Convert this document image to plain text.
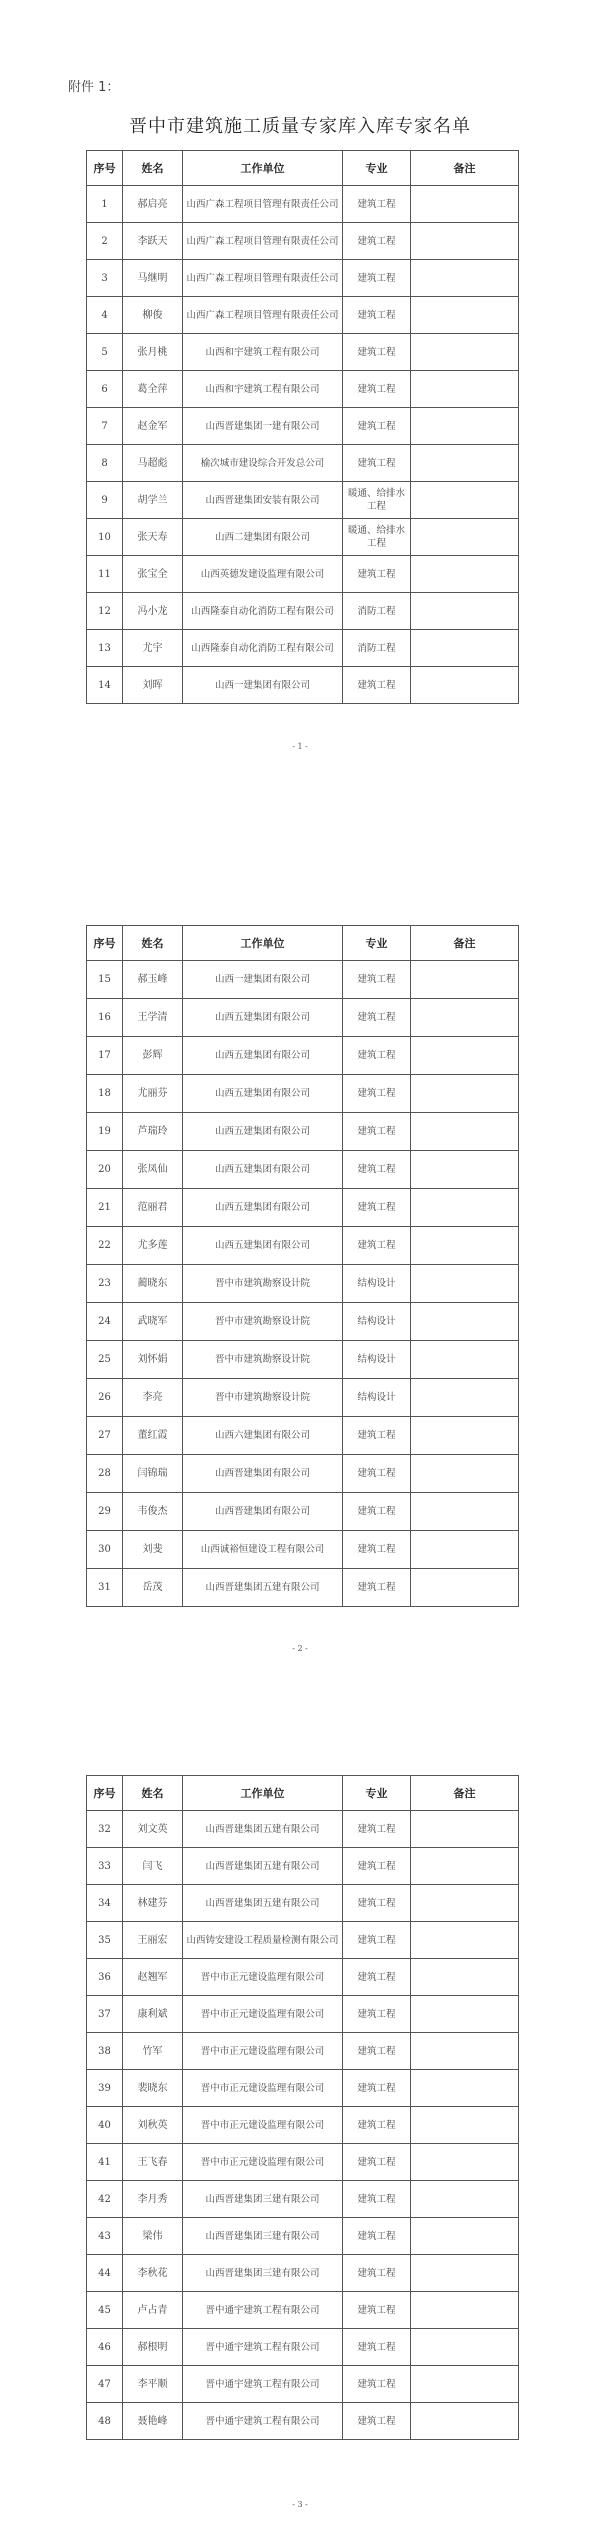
附件 1：
晋中市建筑施工质量专家库入库专家名单
序号	姓名	工作单位	专业	备注
1	郝启亮	山西广森工程项目管理有限责任公司	建筑工程	
2	李跃天	山西广森工程项目管理有限责任公司	建筑工程	
3	马继明	山西广森工程项目管理有限责任公司	建筑工程	
4	柳俊	山西广森工程项目管理有限责任公司	建筑工程	
5	张月桃	山西和宇建筑工程有限公司	建筑工程	
6	葛全萍	山西和宇建筑工程有限公司	建筑工程	
7	赵金军	山西晋建集团一建有限公司	建筑工程	
8	马超彪	榆次城市建设综合开发总公司	建筑工程	
9	胡学兰	山西晋建集团安装有限公司	暖通、给排水工程	
10	张天寿	山西二建集团有限公司	暖通、给排水工程	
11	张宝全	山西英德发建设监理有限公司	建筑工程	
12	冯小龙	山西隆泰自动化消防工程有限公司	消防工程	
13	尤宇	山西隆泰自动化消防工程有限公司	消防工程	
14	刘晖	山西一建集团有限公司	建筑工程	
- 1 -
序号	姓名	工作单位	专业	备注
15	郝玉峰	山西一建集团有限公司	建筑工程	
16	王学清	山西五建集团有限公司	建筑工程	
17	彭辉	山西五建集团有限公司	建筑工程	
18	尤丽芬	山西五建集团有限公司	建筑工程	
19	芦瑞玲	山西五建集团有限公司	建筑工程	
20	张凤仙	山西五建集团有限公司	建筑工程	
21	范丽君	山西五建集团有限公司	建筑工程	
22	尤多莲	山西五建集团有限公司	建筑工程	
23	蔺晓东	晋中市建筑勘察设计院	结构设计	
24	武晓军	晋中市建筑勘察设计院	结构设计	
25	刘怀娟	晋中市建筑勘察设计院	结构设计	
26	李亮	晋中市建筑勘察设计院	结构设计	
27	董红霞	山西六建集团有限公司	建筑工程	
28	闫锦瑞	山西晋建集团有限公司	建筑工程	
29	韦俊杰	山西晋建集团有限公司	建筑工程	
30	刘斐	山西诚裕恒建设工程有限公司	建筑工程	
31	岳茂	山西晋建集团五建有限公司	建筑工程	
- 2 -
序号	姓名	工作单位	专业	备注
32	刘文英	山西晋建集团五建有限公司	建筑工程	
33	闫飞	山西晋建集团五建有限公司	建筑工程	
34	林建芬	山西晋建集团五建有限公司	建筑工程	
35	王丽宏	山西铸安建设工程质量检测有限公司	建筑工程	
36	赵翘军	晋中市正元建设监理有限公司	建筑工程	
37	康利斌	晋中市正元建设监理有限公司	建筑工程	
38	竹军	晋中市正元建设监理有限公司	建筑工程	
39	裴晓东	晋中市正元建设监理有限公司	建筑工程	
40	刘秋英	晋中市正元建设监理有限公司	建筑工程	
41	王飞春	晋中市正元建设监理有限公司	建筑工程	
42	李月秀	山西晋建集团三建有限公司	建筑工程	
43	梁伟	山西晋建集团三建有限公司	建筑工程	
44	李秋花	山西晋建集团三建有限公司	建筑工程	
45	卢占青	晋中通宇建筑工程有限公司	建筑工程	
46	郝根明	晋中通宇建筑工程有限公司	建筑工程	
47	李平顺	晋中通宇建筑工程有限公司	建筑工程	
48	聂艳峰	晋中通宇建筑工程有限公司	建筑工程	
- 3 -
